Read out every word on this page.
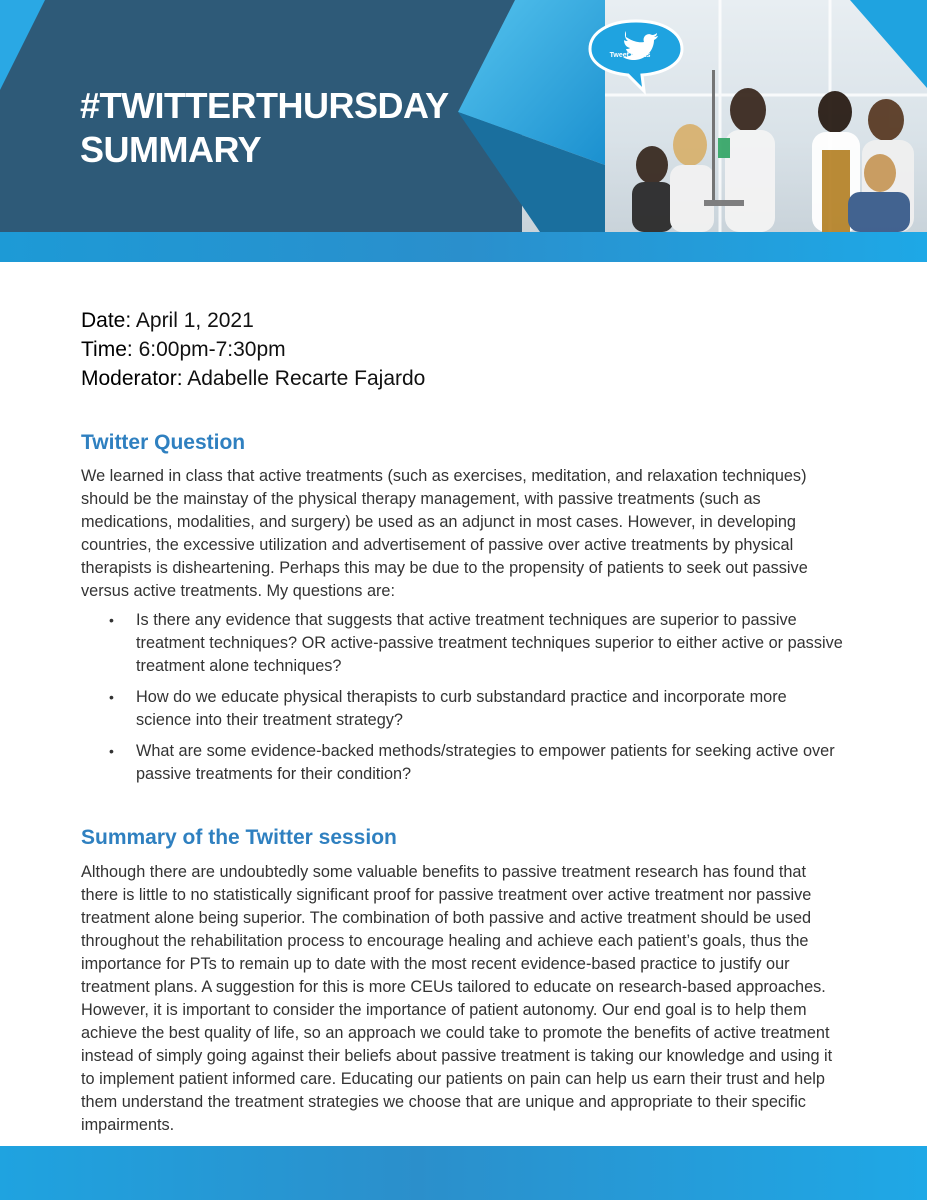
Tweet Chats
#TWITTERTHURSDAY
SUMMARY
Date: April 1, 2021
Time: 6:00pm-7:30pm
Moderator: Adabelle Recarte Fajardo
Twitter Question

We learned in class that active treatments (such as exercises, meditation, and relaxation techniques) should be the mainstay of the physical therapy management, with passive treatments (such as medications, modalities, and surgery) be used as an adjunct in most cases. However, in developing countries, the excessive utilization and advertisement of passive over active treatments by physical therapists is disheartening. Perhaps this may be due to the propensity of patients to seek out passive versus active treatments. My questions are:

• Is there any evidence that suggests that active treatment techniques are superior to passive treatment techniques? OR active-passive treatment techniques superior to either active or passive treatment alone techniques?
• How do we educate physical therapists to curb substandard practice and incorporate more science into their treatment strategy?
• What are some evidence-backed methods/strategies to empower patients for seeking active over passive treatments for their condition?
Summary of the Twitter session

Although there are undoubtedly some valuable benefits to passive treatment research has found that there is little to no statistically significant proof for passive treatment over active treatment nor passive treatment alone being superior. The combination of both passive and active treatment should be used throughout the rehabilitation process to encourage healing and achieve each patient’s goals, thus the importance for PTs to remain up to date with the most recent evidence-based practice to justify our treatment plans. A suggestion for this is more CEUs tailored to educate on research-based approaches. However, it is important to consider the importance of patient autonomy. Our end goal is to help them achieve the best quality of life, so an approach we could take to promote the benefits of active treatment instead of simply going against their beliefs about passive treatment is taking our knowledge and using it to implement patient informed care. Educating our patients on pain can help us earn their trust and help them understand the treatment strategies we choose that are unique and appropriate to their specific impairments.
